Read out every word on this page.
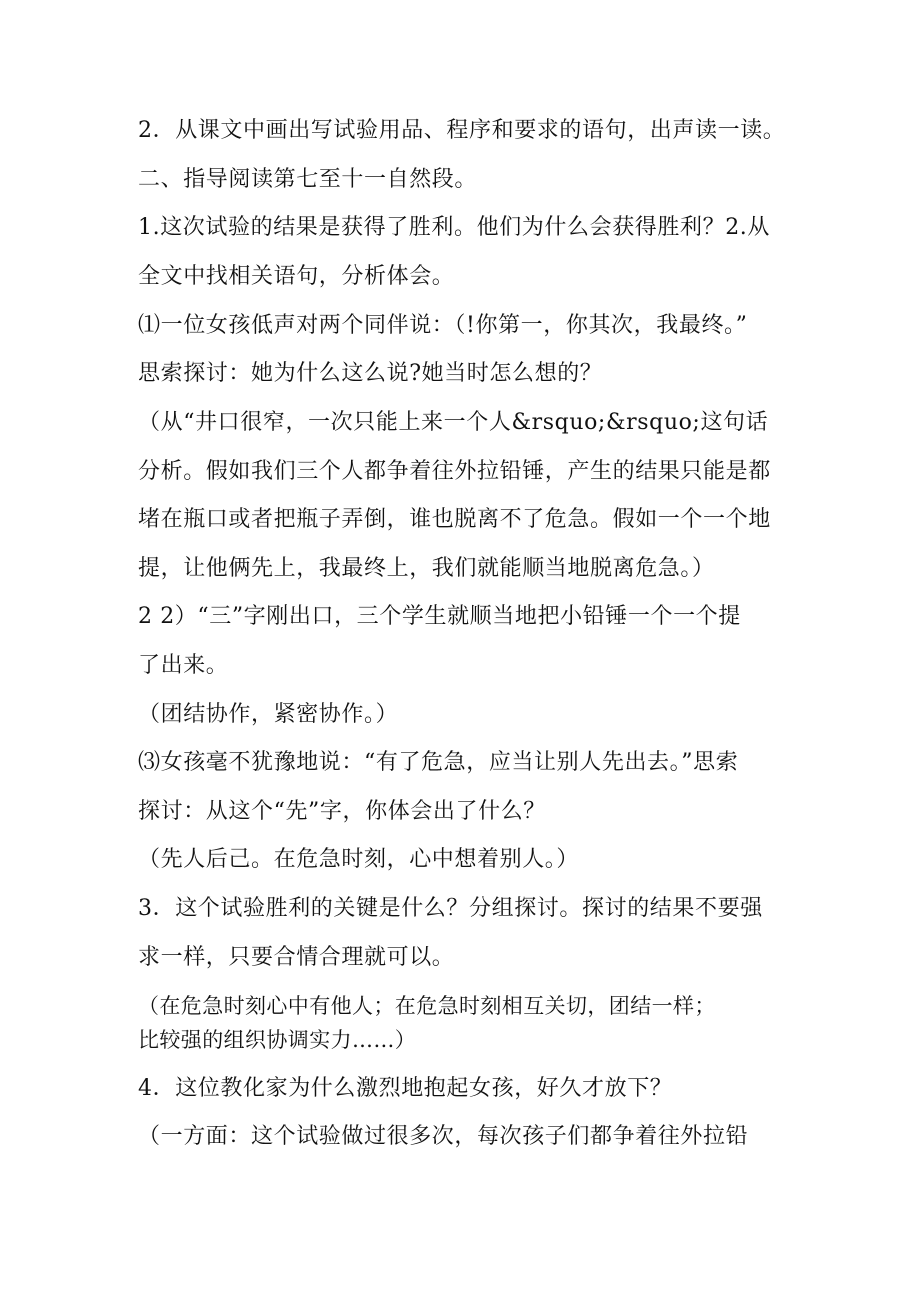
2．从课文中画出写试验用品、程序和要求的语句，出声读一读。
二、指导阅读第七至十一自然段。
1.这次试验的结果是获得了胜利。他们为什么会获得胜利？2.从
全文中找相关语句，分析体会。
⑴一位女孩低声对两个同伴说：（!你第一，你其次，我最终。”
思索探讨：她为什么这么说?她当时怎么想的？
（从“井口很窄，一次只能上来一个人&rsquo;&rsquo;这句话
分析。假如我们三个人都争着往外拉铅锤，产生的结果只能是都
堵在瓶口或者把瓶子弄倒，谁也脱离不了危急。假如一个一个地
提，让他俩先上，我最终上，我们就能顺当地脱离危急。）
2 2）“三”字刚出口，三个学生就顺当地把小铅锤一个一个提
了出来。
（团结协作，紧密协作。）
⑶女孩毫不犹豫地说：“有了危急，应当让别人先出去。”思索
探讨：从这个“先”字，你体会出了什么？
（先人后己。在危急时刻，心中想着别人。）
3．这个试验胜利的关键是什么？分组探讨。探讨的结果不要强
求一样，只要合情合理就可以。
（在危急时刻心中有他人；在危急时刻相互关切，团结一样；
比较强的组织协调实力……）
4．这位教化家为什么激烈地抱起女孩，好久才放下？
（一方面：这个试验做过很多次，每次孩子们都争着往外拉铅
